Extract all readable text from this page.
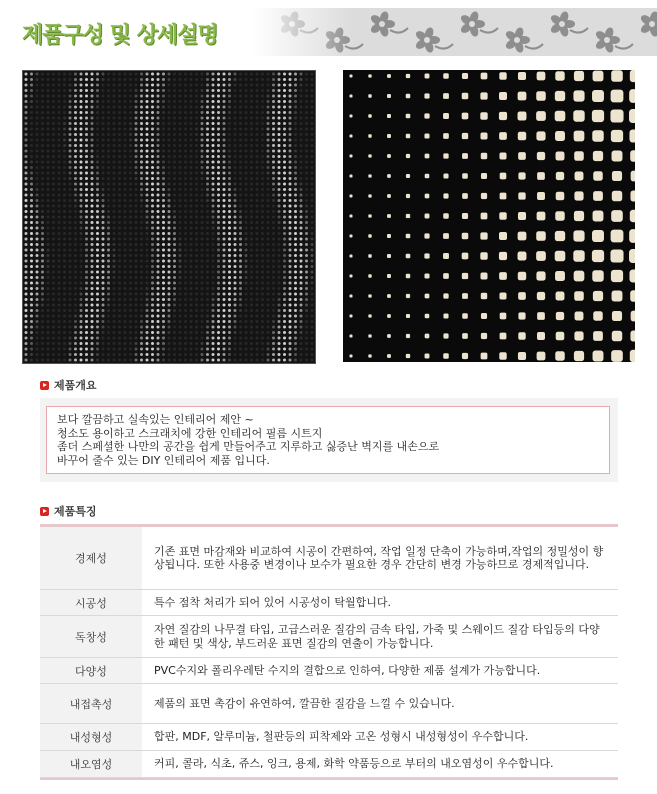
제품구성 및 상세설명
제품개요
보다 깔끔하고 실속있는 인테리어 제안 ~
청소도 용이하고 스크래치에 강한 인테리어 필름 시트지
좀더 스페셜한 나만의 공간을 쉽게 만들어주고 지루하고 싫증난 벽지를 내손으로
바꾸어 줄수 있는 DIY 인테리어 제품 입니다.
제품특징
경제성	기존 표면 마감재와 비교하여 시공이 간편하여, 작업 일정 단축이 가능하며,작업의 정밀성이 향상됩니다. 또한 사용중 변경이나 보수가 필요한 경우 간단히 변경 가능하므로 경제적입니다.
시공성	특수 점착 처리가 되어 있어 시공성이 탁월합니다.
독창성	자연 질감의 나무결 타입, 고급스러운 질감의 금속 타입, 가죽 및 스웨이드 질감 타입등의 다양한 패턴 및 색상, 부드러운 표면 질감의 연출이 가능합니다.
다양성	PVC수지와 폴리우레탄 수지의 결합으로 인하여, 다양한 제품 설계가 가능합니다.
내접촉성	제품의 표면 촉감이 유연하여, 깔끔한 질감을 느낄 수 있습니다.
내성형성	합판, MDF, 알루미늄, 철판등의 피착제와 고온 성형시 내성형성이 우수합니다.
내오염성	커피, 콜라, 식초, 쥬스, 잉크, 용제, 화학 약품등으로 부터의 내오염성이 우수합니다.
